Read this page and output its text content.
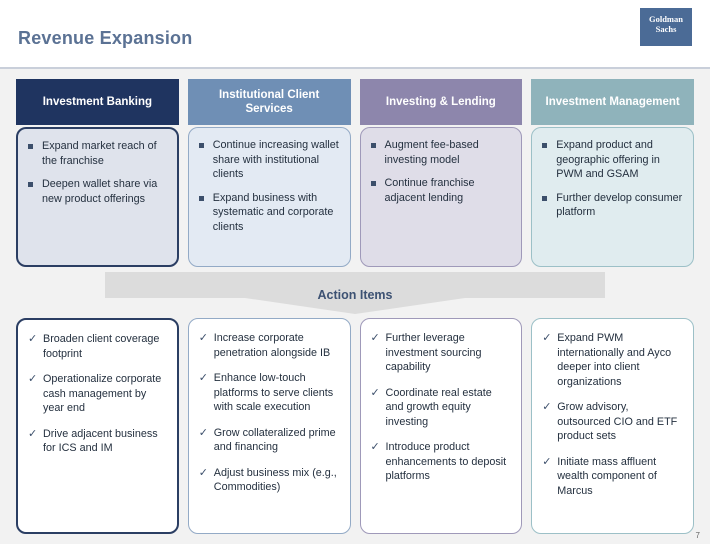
Revenue Expansion
Goldman
Sachs
Investment Banking
Expand market reach of the franchise
Deepen wallet share via new product offerings
Institutional Client Services
Continue increasing wallet share with institutional clients
Expand business with systematic and corporate clients
Investing & Lending
Augment fee-based investing model
Continue franchise adjacent lending
Investment Management
Expand product and geographic offering in PWM and GSAM
Further develop consumer platform
Action Items
✓ Broaden client coverage footprint
✓ Operationalize corporate cash management by year end
✓ Drive adjacent business for ICS and IM
✓ Increase corporate penetration alongside IB
✓ Enhance low-touch platforms to serve clients with scale execution
✓ Grow collateralized prime and financing
✓ Adjust business mix (e.g., Commodities)
✓ Further leverage investment sourcing capability
✓ Coordinate real estate and growth equity investing
✓ Introduce product enhancements to deposit platforms
✓ Expand PWM internationally and Ayco deeper into client organizations
✓ Grow advisory, outsourced CIO and ETF product sets
✓ Initiate mass affluent wealth component of Marcus
7
